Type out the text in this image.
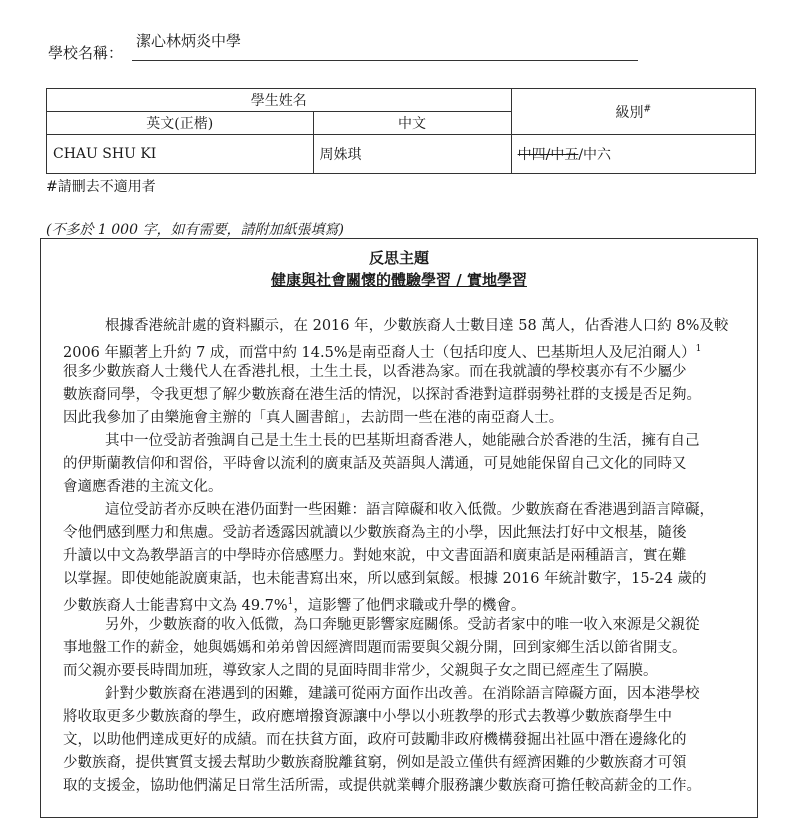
學校名稱：
潔心林炳炎中學
學生姓名		級別#
英文(正楷)	中文	
CHAU SHU KI	周姝琪	中四/中五/中六
#請刪去不適用者
(不多於 1 000 字，如有需要，請附加紙張填寫)
反思主題
健康與社會關懷的體驗學習 / 實地學習
根據香港統計處的資料顯示，在 2016 年，少數族裔人士數目達 58 萬人，佔香港人口約 8%及較
2006 年顯著上升約 7 成，而當中約 14.5%是南亞裔人士（包括印度人、巴基斯坦人及尼泊爾人）$^1$
很多少數族裔人士幾代人在香港扎根，土生土長，以香港為家。而在我就讀的學校裏亦有不少屬少
數族裔同學，令我更想了解少數族裔在港生活的情況，以探討香港對這群弱勢社群的支援是否足夠。
因此我參加了由樂施會主辦的「真人圖書館」，去訪問一些在港的南亞裔人士。
其中一位受訪者強調自己是土生土長的巴基斯坦裔香港人，她能融合於香港的生活，擁有自己
的伊斯蘭教信仰和習俗，平時會以流利的廣東話及英語與人溝通，可見她能保留自己文化的同時又
會適應香港的主流文化。
這位受訪者亦反映在港仍面對一些困難：語言障礙和收入低微。少數族裔在香港遇到語言障礙，
令他們感到壓力和焦慮。受訪者透露因就讀以少數族裔為主的小學，因此無法打好中文根基，隨後
升讀以中文為教學語言的中學時亦倍感壓力。對她來說，中文書面語和廣東話是兩種語言，實在難
以掌握。即使她能說廣東話，也未能書寫出來，所以感到氣餒。根據 2016 年統計數字，15-24 歲的
少數族裔人士能書寫中文為 49.7%$^1$，這影響了他們求職或升學的機會。
另外，少數族裔的收入低微，為口奔馳更影響家庭關係。受訪者家中的唯一收入來源是父親從
事地盤工作的薪金，她與媽媽和弟弟曾因經濟問題而需要與父親分開，回到家鄉生活以節省開支。
而父親亦要長時間加班，導致家人之間的見面時間非常少，父親與子女之間已經產生了隔膜。
針對少數族裔在港遇到的困難，建議可從兩方面作出改善。在消除語言障礙方面，因本港學校
將收取更多少數族裔的學生，政府應增撥資源讓中小學以小班教學的形式去教導少數族裔學生中
文，以助他們達成更好的成績。而在扶貧方面，政府可鼓勵非政府機構發掘出社區中潛在邊緣化的
少數族裔，提供實質支援去幫助少數族裔脫離貧窮，例如是設立僅供有經濟困難的少數族裔才可領
取的支援金，協助他們滿足日常生活所需，或提供就業轉介服務讓少數族裔可擔任較高薪金的工作。
